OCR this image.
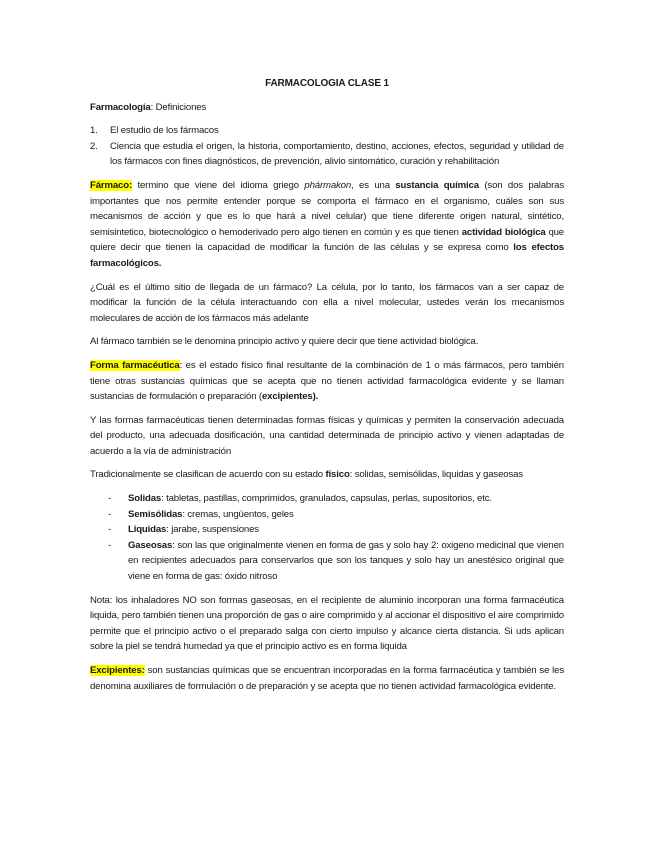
FARMACOLOGIA CLASE 1

Farmacología: Definiciones

1. El estudio de los fármacos
2. Ciencia que estudia el origen, la historia, comportamiento, destino, acciones, efectos, seguridad y utilidad de los fármacos con fines diagnósticos, de prevención, alivio sintomático, curación y rehabilitación

Fármaco: termino que viene del idioma griego phármakon, es una sustancia química (son dos palabras importantes que nos permite entender porque se comporta el fármaco en el organismo, cuáles son sus mecanismos de acción y que es lo que hará a nivel celular) que tiene diferente origen natural, sintético, semisintetico, biotecnológico o hemoderivado pero algo tienen en común y es que tienen actividad biológica que quiere decir que tienen la capacidad de modificar la función de las células y se expresa como los efectos farmacológicos.

¿Cuál es el último sitio de llegada de un fármaco? La célula, por lo tanto, los fármacos van a ser capaz de modificar la función de la célula interactuando con ella a nivel molecular, ustedes verán los mecanismos moleculares de acción de los fármacos más adelante

Al fármaco también se le denomina principio activo y quiere decir que tiene actividad biológica.

Forma farmacéutica: es el estado físico final resultante de la combinación de 1 o más fármacos, pero también tiene otras sustancias químicas que se acepta que no tienen actividad farmacológica evidente y se llaman sustancias de formulación o preparación (excipientes).

Y las formas farmacéuticas tienen determinadas formas físicas y químicas y permiten la conservación adecuada del producto, una adecuada dosificación, una cantidad determinada de principio activo y vienen adaptadas de acuerdo a la vía de administración

Tradicionalmente se clasifican de acuerdo con su estado físico: solidas, semisólidas, liquidas y gaseosas

- Solidas: tabletas, pastillas, comprimidos, granulados, capsulas, perlas, supositorios, etc.
- Semisólidas: cremas, ungüentos, geles
- Liquidas: jarabe, suspensiones
- Gaseosas: son las que originalmente vienen en forma de gas y solo hay 2: oxigeno medicinal que vienen en recipientes adecuados para conservarlos que son los tanques y solo hay un anestésico original que viene en forma de gas: óxido nitroso

Nota: los inhaladores NO son formas gaseosas, en el recipiente de aluminio incorporan una forma farmacéutica liquida, pero también tienen una proporción de gas o aire comprimido y al accionar el dispositivo el aire comprimido permite que el principio activo o el preparado salga con cierto impulso y alcance cierta distancia. Si uds aplican sobre la piel se tendrá humedad ya que el principio activo es en forma liquida

Excipientes: son sustancias químicas que se encuentran incorporadas en la forma farmacéutica y también se les denomina auxiliares de formulación o de preparación y se acepta que no tienen actividad farmacológica evidente.
